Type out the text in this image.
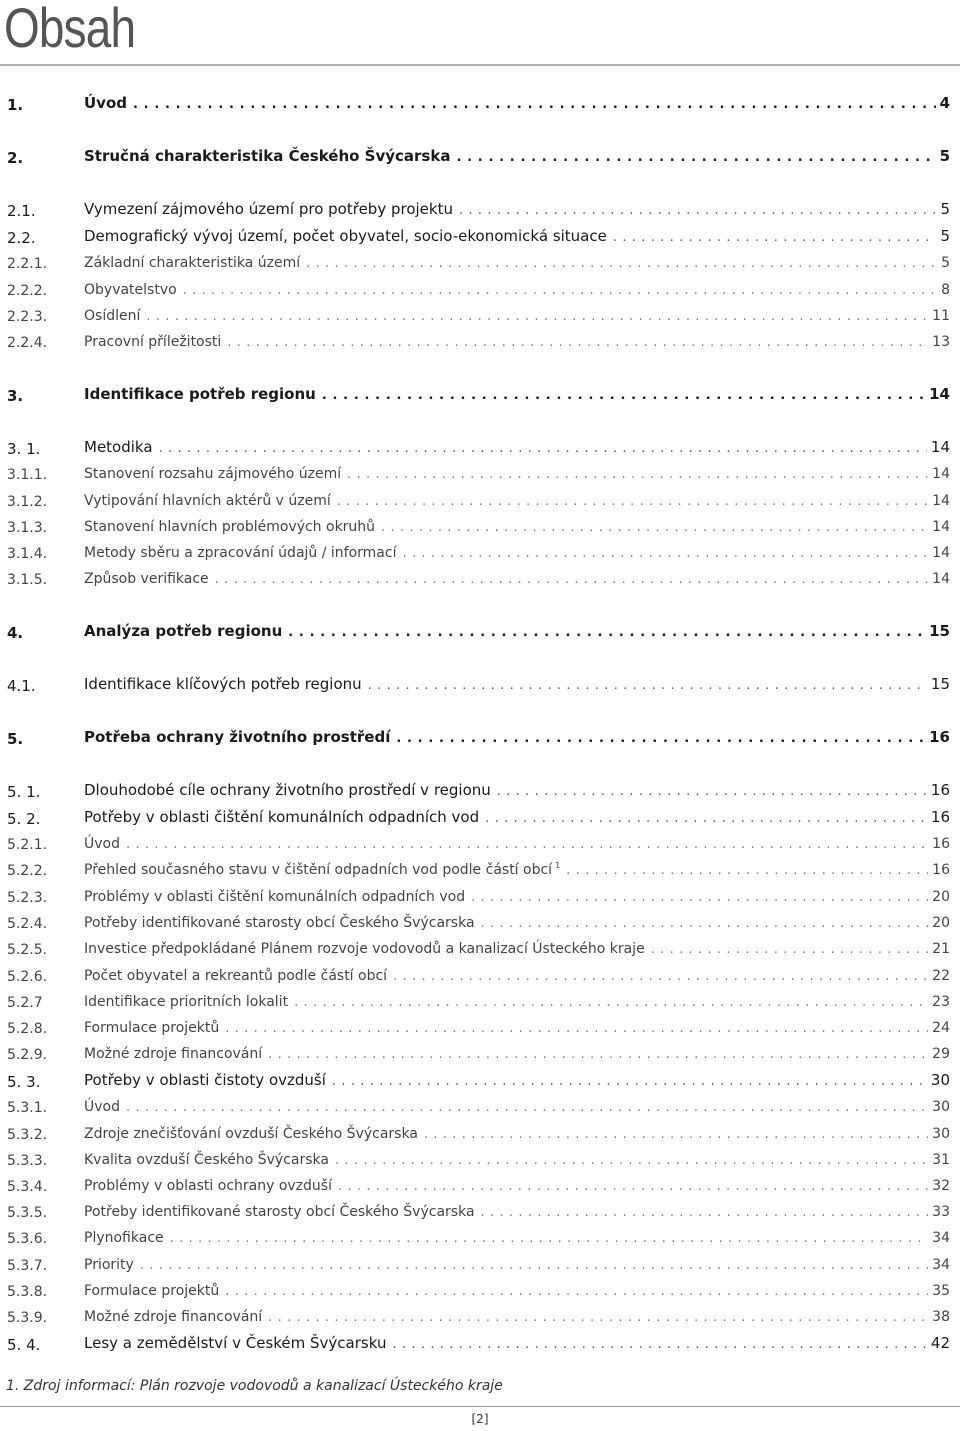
Obsah
1.	Úvod . . .	4
2.	Stručná charakteristika Českého Švýcarska . . .	5
2.1.	Vymezení zájmového území pro potřeby projektu . . .	5
2.2.	Demografický vývoj území, počet obyvatel, socio-ekonomická situace . . .	5
2.2.1.	Základní charakteristika území . . .	5
2.2.2.	Obyvatelstvo . . .	8
2.2.3.	Osídlení . . .	11
2.2.4.	Pracovní příležitosti . . .	13
3.	Identifikace potřeb regionu . . .	14
3. 1.	Metodika . . .	14
3.1.1.	Stanovení rozsahu zájmového území . . .	14
3.1.2.	Vytipování hlavních aktérů v území . . .	14
3.1.3.	Stanovení hlavních problémových okruhů . . .	14
3.1.4.	Metody sběru a zpracování údajů / informací . . .	14
3.1.5.	Způsob verifikace . . .	14
4.	Analýza potřeb regionu . . .	15
4.1.	Identifikace klíčových potřeb regionu . . .	15
5.	Potřeba ochrany životního prostředí . . .	16
5. 1.	Dlouhodobé cíle ochrany životního prostředí v regionu . . .	16
5. 2.	Potřeby v oblasti čištění komunálních odpadních vod . . .	16
5.2.1.	Úvod . . .	16
5.2.2.	Přehled současného stavu v čištění odpadních vod podle částí obcí $^1$ . . .	16
5.2.3.	Problémy v oblasti čištění komunálních odpadních vod . . .	20
5.2.4.	Potřeby identifikované starosty obcí Českého Švýcarska . . .	20
5.2.5.	Investice předpokládané Plánem rozvoje vodovodů a kanalizací Ústeckého kraje . . .	21
5.2.6.	Počet obyvatel a rekreantů podle částí obcí . . .	22
5.2.7	Identifikace prioritních lokalit . . .	23
5.2.8.	Formulace projektů . . .	24
5.2.9.	Možné zdroje financování . . .	29
5. 3.	Potřeby v oblasti čistoty ovzduší . . .	30
5.3.1.	Úvod . . .	30
5.3.2.	Zdroje znečišťování ovzduší Českého Švýcarska . . .	30
5.3.3.	Kvalita ovzduší Českého Švýcarska . . .	31
5.3.4.	Problémy v oblasti ochrany ovzduší . . .	32
5.3.5.	Potřeby identifikované starosty obcí Českého Švýcarska . . .	33
5.3.6.	Plynofikace . . .	34
5.3.7.	Priority . . .	34
5.3.8.	Formulace projektů . . .	35
5.3.9.	Možné zdroje financování . . .	38
5. 4.	Lesy a zemědělství v Českém Švýcarsku . . .	42
1. Zdroj informací: Plán rozvoje vodovodů a kanalizací Ústeckého kraje
[2]
